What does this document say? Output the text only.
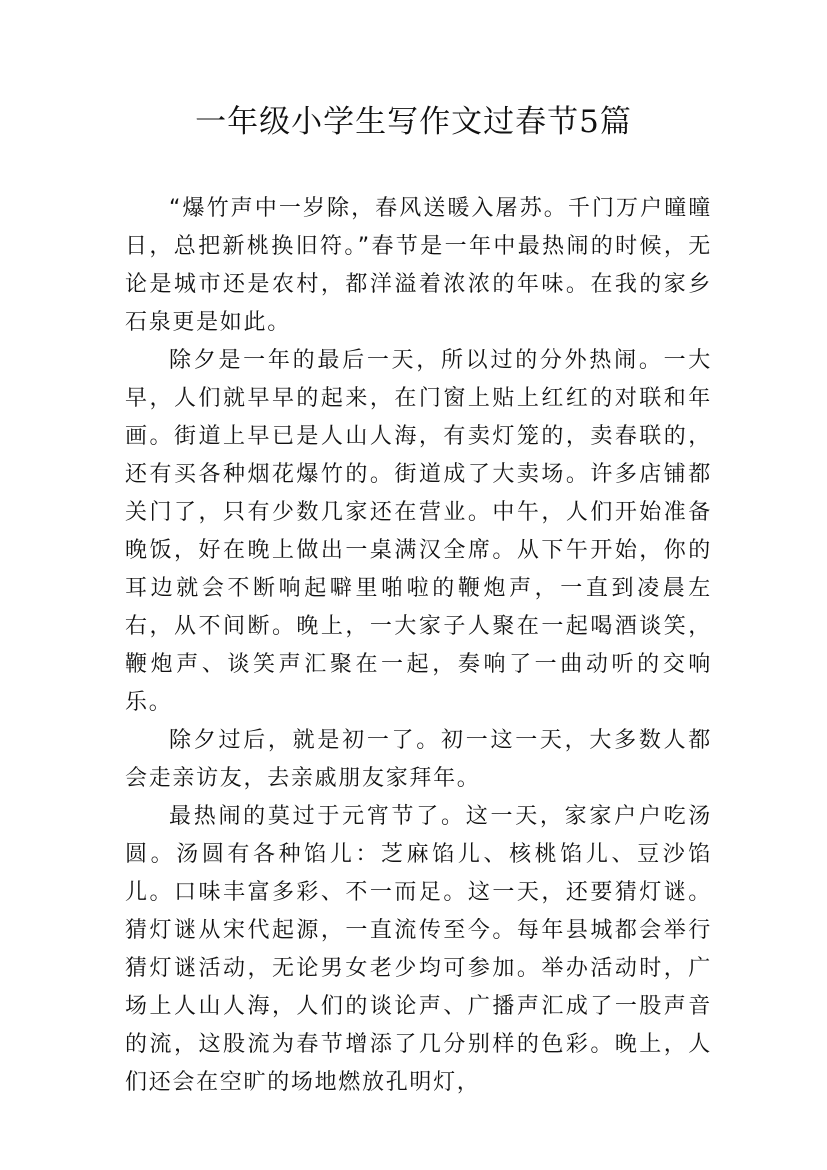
一年级小学生写作文过春节5篇

“爆竹声中一岁除，春风送暖入屠苏。千门万户曈曈日，总把新桃换旧符。”春节是一年中最热闹的时候，无论是城市还是农村，都洋溢着浓浓的年味。在我的家乡石泉更是如此。

除夕是一年的最后一天，所以过的分外热闹。一大早，人们就早早的起来，在门窗上贴上红红的对联和年画。街道上早已是人山人海，有卖灯笼的，卖春联的，还有买各种烟花爆竹的。街道成了大卖场。许多店铺都关门了，只有少数几家还在营业。中午，人们开始准备晚饭，好在晚上做出一桌满汉全席。从下午开始，你的耳边就会不断响起噼里啪啦的鞭炮声，一直到凌晨左右，从不间断。晚上，一大家子人聚在一起喝酒谈笑，鞭炮声、谈笑声汇聚在一起，奏响了一曲动听的交响乐。

除夕过后，就是初一了。初一这一天，大多数人都会走亲访友，去亲戚朋友家拜年。

最热闹的莫过于元宵节了。这一天，家家户户吃汤圆。汤圆有各种馅儿：芝麻馅儿、核桃馅儿、豆沙馅儿。口味丰富多彩、不一而足。这一天，还要猜灯谜。猜灯谜从宋代起源，一直流传至今。每年县城都会举行猜灯谜活动，无论男女老少均可参加。举办活动时，广场上人山人海，人们的谈论声、广播声汇成了一股声音的流，这股流为春节增添了几分别样的色彩。晚上，人们还会在空旷的场地燃放孔明灯，
